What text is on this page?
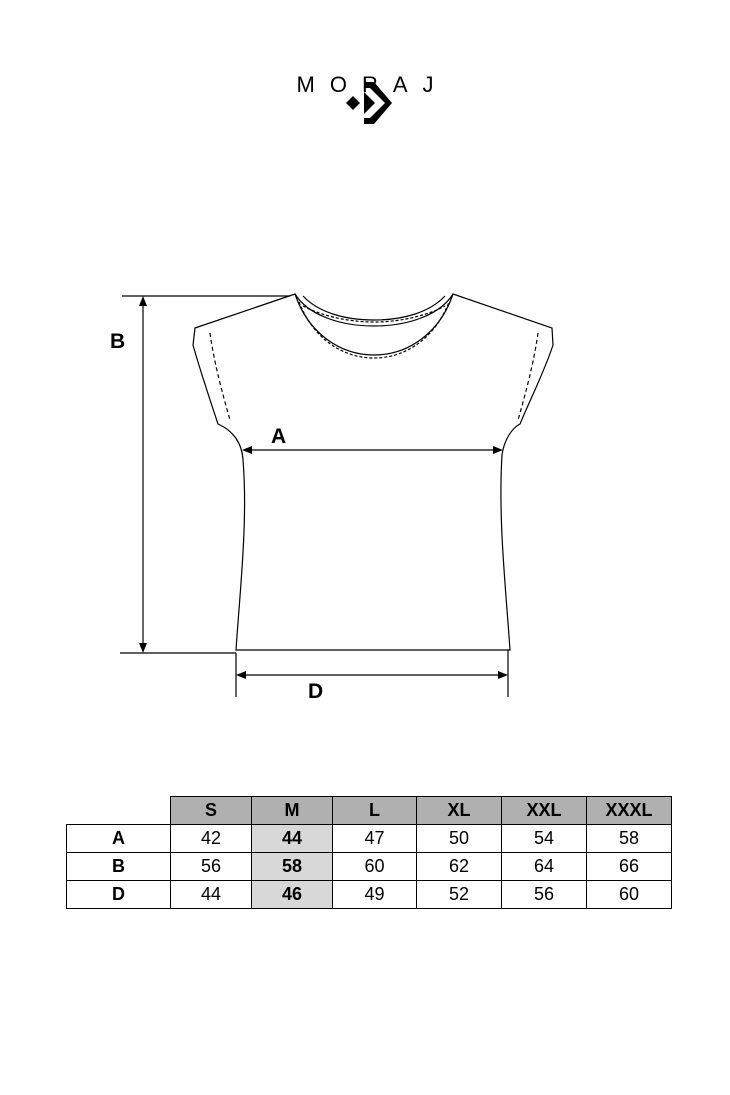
MORAJ
B
A
D
	S	M	L	XL	XXL	XXXL
A	42	44	47	50	54	58
B	56	58	60	62	64	66
D	44	46	49	52	56	60
